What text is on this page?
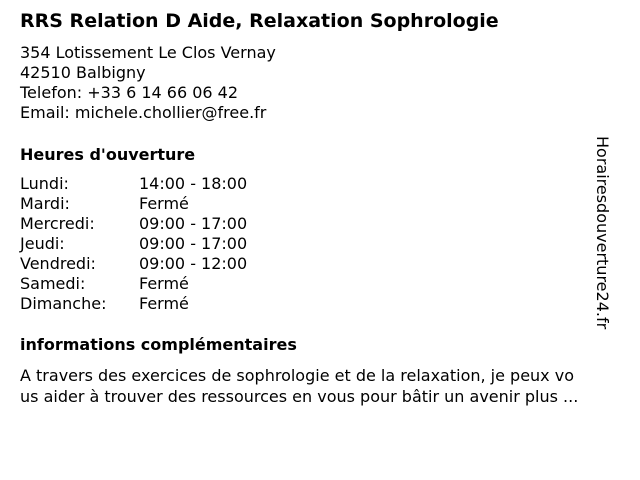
RRS Relation D Aide, Relaxation Sophrologie
354 Lotissement Le Clos Vernay
42510 Balbigny
Telefon: +33 6 14 66 06 42
Email: michele.chollier@free.fr
Heures d'ouverture
Lundi:	14:00 - 18:00
Mardi:	Fermé
Mercredi:	09:00 - 17:00
Jeudi:	09:00 - 17:00
Vendredi:	09:00 - 12:00
Samedi:	Fermé
Dimanche: Fermé
informations complémentaires
A travers des exercices de sophrologie et de la relaxation, je peux vo
us aider à trouver des ressources en vous pour bâtir un avenir plus ...
Horairesdouverture24.fr
